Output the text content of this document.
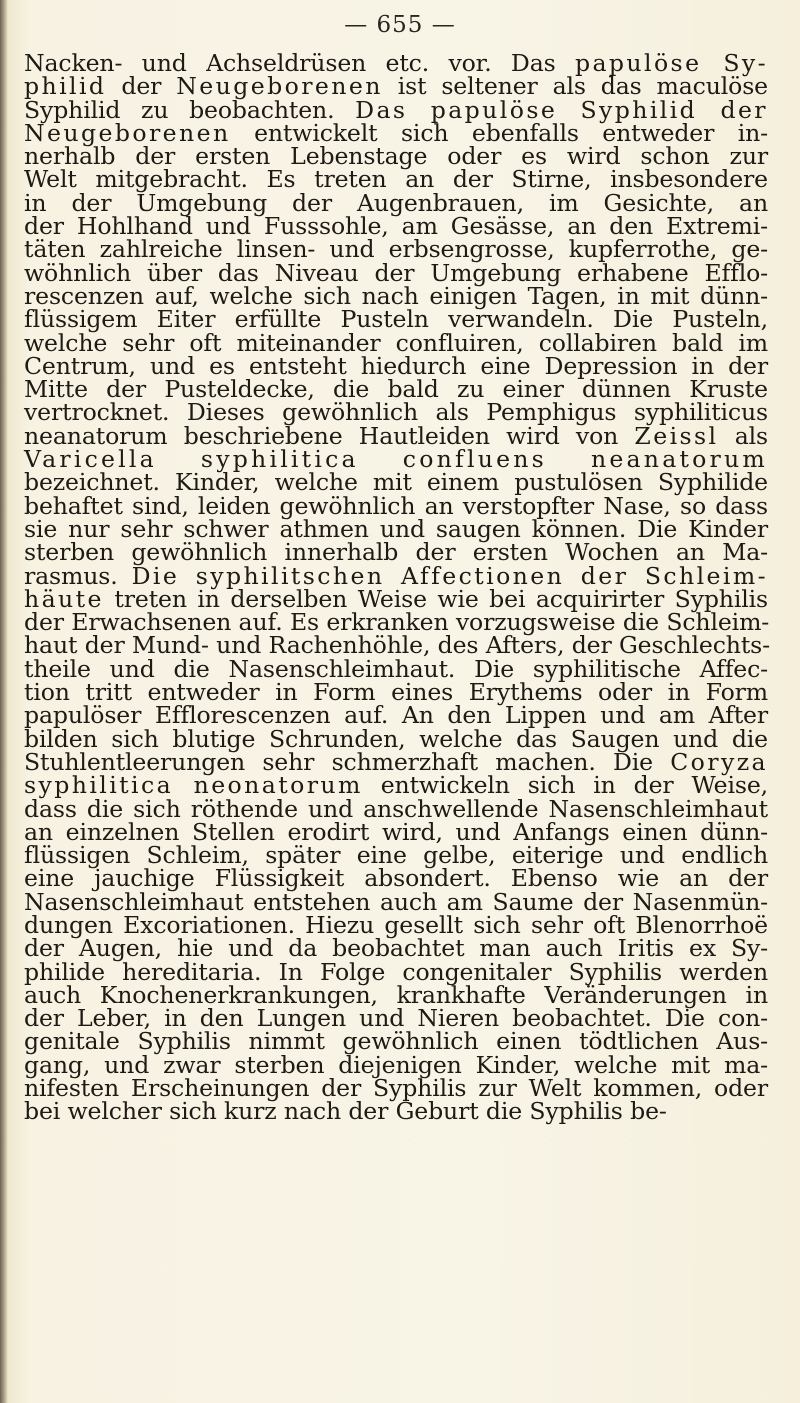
— 655 —
Nacken- und Achseldrüsen etc. vor. Das papulöse Sy-
philid der Neugeborenen ist seltener als das maculöse
Syphilid zu beobachten. Das papulöse Syphilid der
Neugeborenen entwickelt sich ebenfalls entweder in-
nerhalb der ersten Lebenstage oder es wird schon zur
Welt mitgebracht. Es treten an der Stirne, insbesondere
in der Umgebung der Augenbrauen, im Gesichte, an
der Hohlhand und Fusssohle, am Gesässe, an den Extremi-
täten zahlreiche linsen- und erbsengrosse, kupferrothe, ge-
wöhnlich über das Niveau der Umgebung erhabene Efflo-
rescenzen auf, welche sich nach einigen Tagen, in mit dünn-
flüssigem Eiter erfüllte Pusteln verwandeln. Die Pusteln,
welche sehr oft miteinander confluiren, collabiren bald im
Centrum, und es entsteht hiedurch eine Depression in der
Mitte der Pusteldecke, die bald zu einer dünnen Kruste
vertrocknet. Dieses gewöhnlich als Pemphigus syphiliticus
neanatorum beschriebene Hautleiden wird von Zeissl als
Varicella syphilitica confluens neanatorum
bezeichnet. Kinder, welche mit einem pustulösen Syphilide
behaftet sind, leiden gewöhnlich an verstopfter Nase, so dass
sie nur sehr schwer athmen und saugen können. Die Kinder
sterben gewöhnlich innerhalb der ersten Wochen an Ma-
rasmus. Die syphilitschen Affectionen der Schleim-
häute treten in derselben Weise wie bei acquirirter Syphilis
der Erwachsenen auf. Es erkranken vorzugsweise die Schleim-
haut der Mund- und Rachenhöhle, des Afters, der Geschlechts-
theile und die Nasenschleimhaut. Die syphilitische Affec-
tion tritt entweder in Form eines Erythems oder in Form
papulöser Efflorescenzen auf. An den Lippen und am After
bilden sich blutige Schrunden, welche das Saugen und die
Stuhlentleerungen sehr schmerzhaft machen. Die Coryza
syphilitica neonatorum entwickeln sich in der Weise,
dass die sich röthende und anschwellende Nasenschleimhaut
an einzelnen Stellen erodirt wird, und Anfangs einen dünn-
flüssigen Schleim, später eine gelbe, eiterige und endlich
eine jauchige Flüssigkeit absondert. Ebenso wie an der
Nasenschleimhaut entstehen auch am Saume der Nasenmün-
dungen Excoriationen. Hiezu gesellt sich sehr oft Blenorrhoë
der Augen, hie und da beobachtet man auch Iritis ex Sy-
philide hereditaria. In Folge congenitaler Syphilis werden
auch Knochenerkrankungen, krankhafte Veränderungen in
der Leber, in den Lungen und Nieren beobachtet. Die con-
genitale Syphilis nimmt gewöhnlich einen tödtlichen Aus-
gang, und zwar sterben diejenigen Kinder, welche mit ma-
nifesten Erscheinungen der Syphilis zur Welt kommen, oder
bei welcher sich kurz nach der Geburt die Syphilis be-
